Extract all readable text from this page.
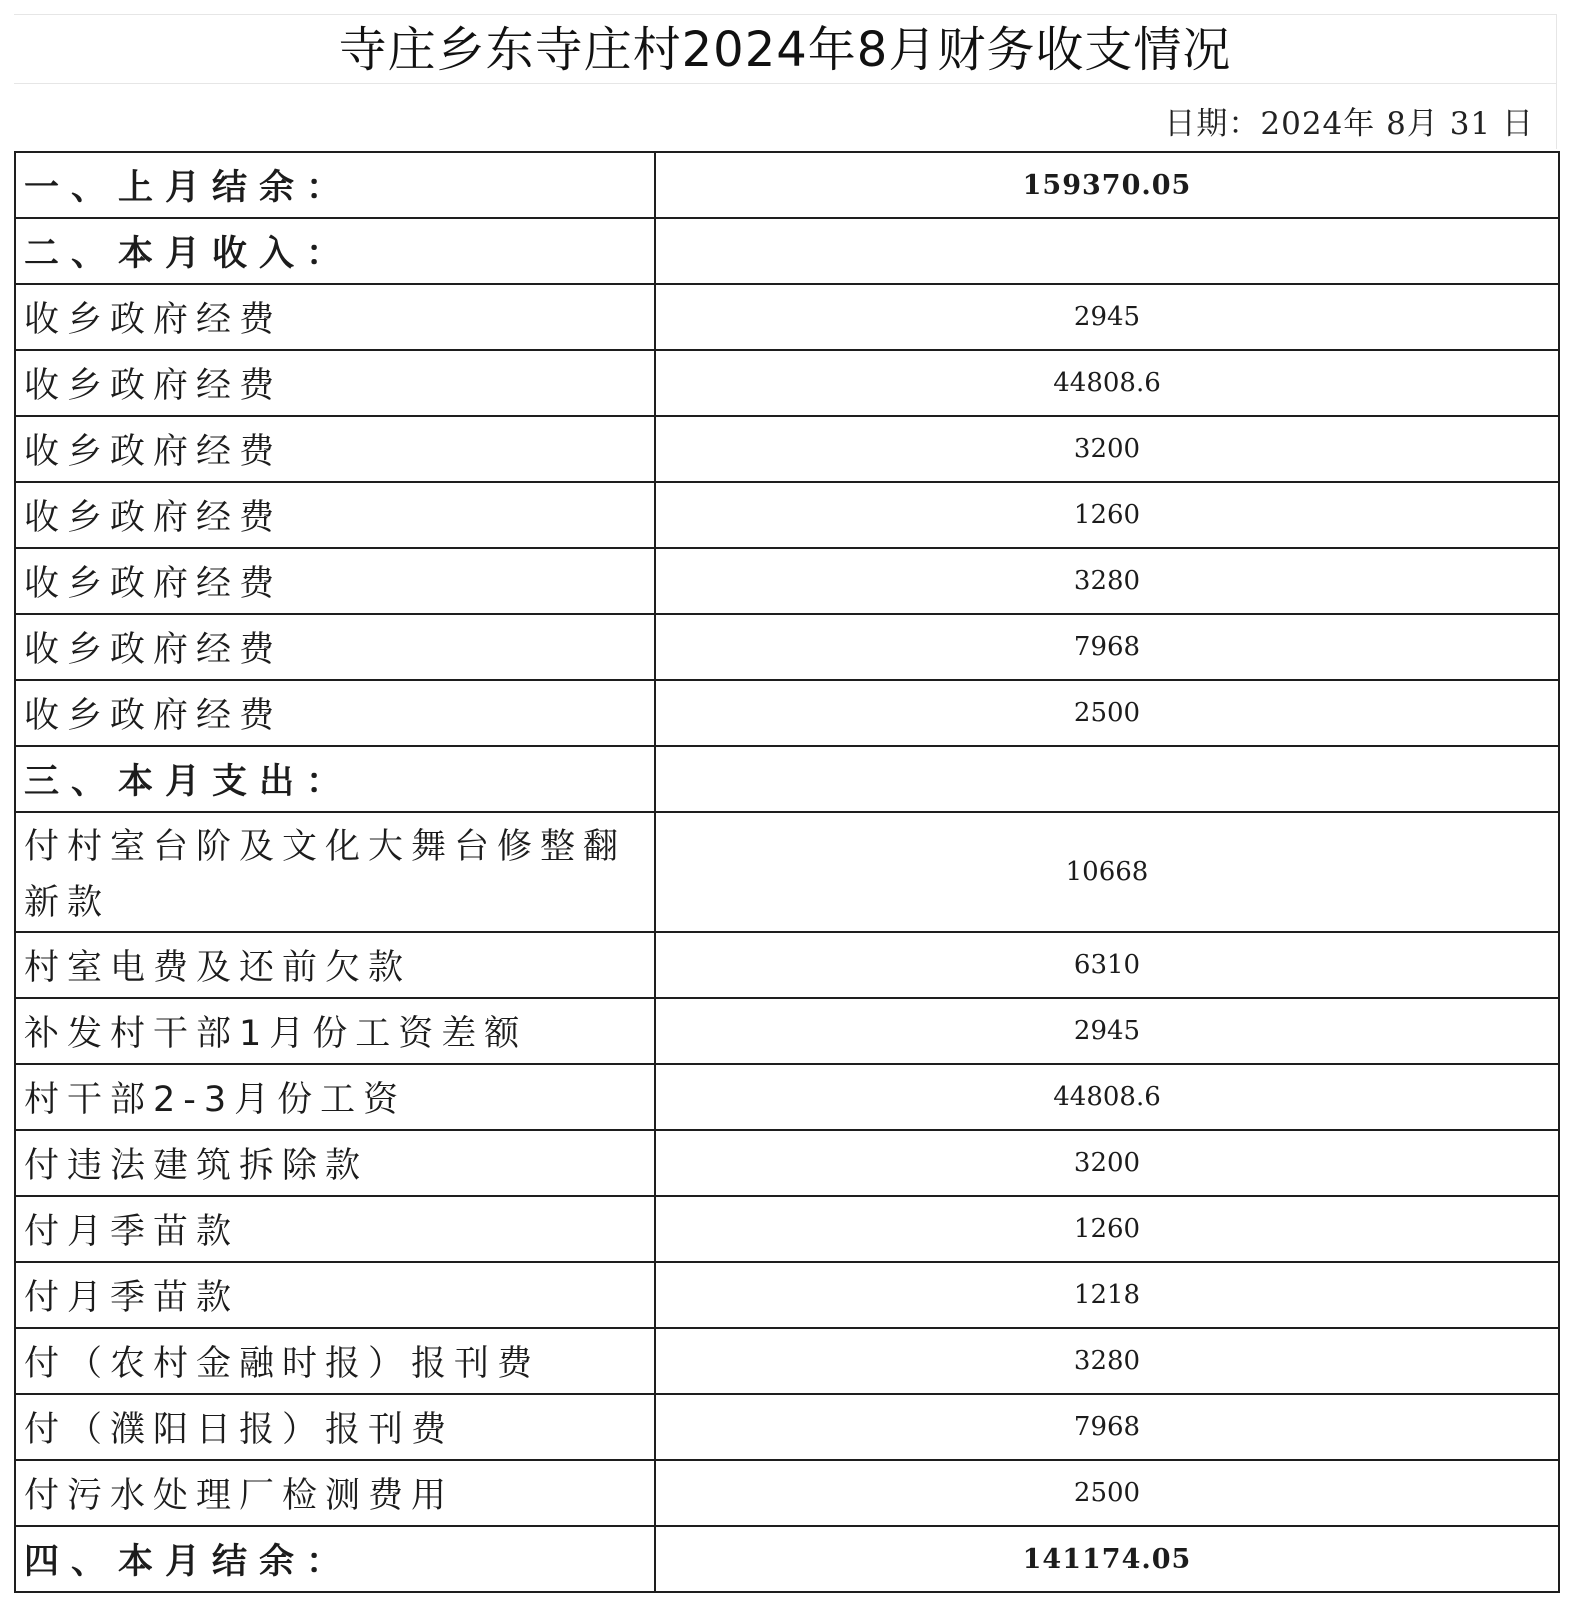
寺庄乡东寺庄村2024年8月财务收支情况
日期：2024年 8月 31 日
一、上月结余：	159370.05
二、本月收入：	
收乡政府经费	2945
收乡政府经费	44808.6
收乡政府经费	3200
收乡政府经费	1260
收乡政府经费	3280
收乡政府经费	7968
收乡政府经费	2500
三、本月支出：	
付村室台阶及文化大舞台修整翻新款	10668
村室电费及还前欠款	6310
补发村干部1月份工资差额	2945
村干部2-3月份工资	44808.6
付违法建筑拆除款	3200
付月季苗款	1260
付月季苗款	1218
付（农村金融时报）报刊费	3280
付（濮阳日报）报刊费	7968
付污水处理厂检测费用	2500
四、本月结余：	141174.05
